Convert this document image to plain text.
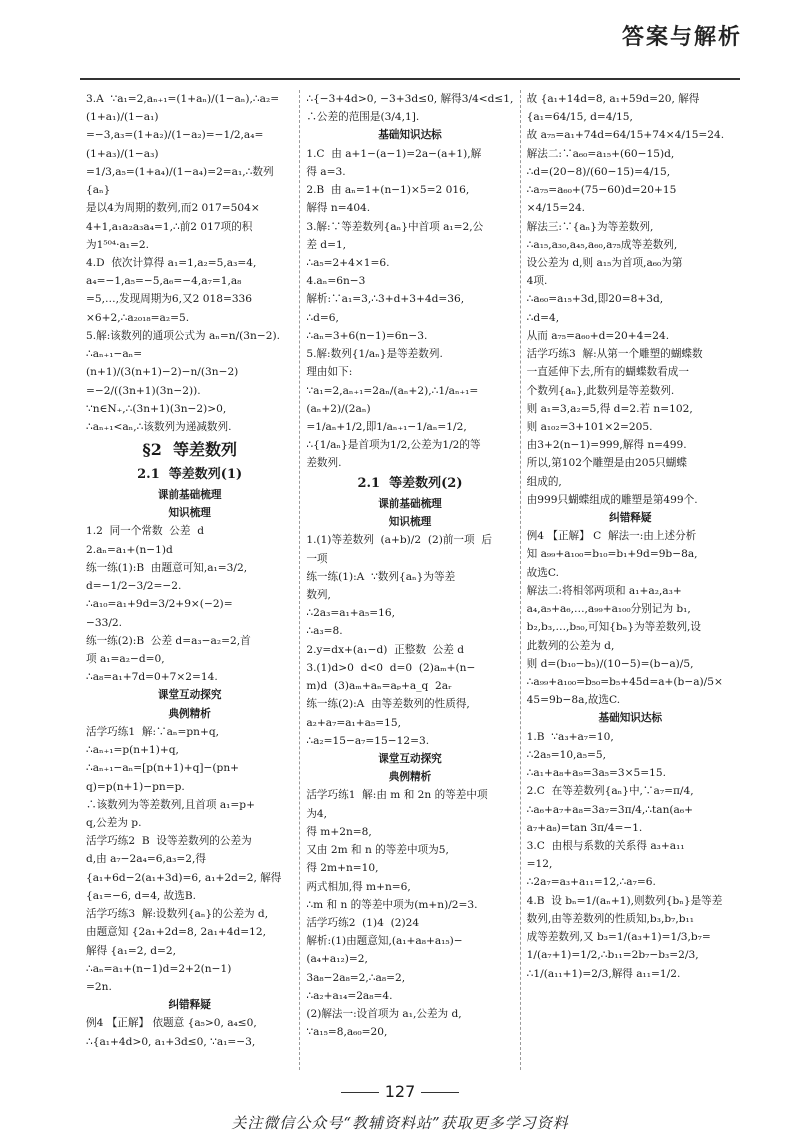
答案与解析

3.A  ∵a₁=2,aₙ₊₁=(1+aₙ)/(1−aₙ),∴a₂=(1+a₁)/(1−a₁)

=−3,a₃=(1+a₂)/(1−a₂)=−1/2,a₄=(1+a₃)/(1−a₃)

=1/3,a₅=(1+a₄)/(1−a₄)=2=a₁,∴数列{aₙ}

是以4为周期的数列,而2 017=504×

4+1,a₁a₂a₃a₄=1,∴前2 017项的积

为1⁵⁰⁴·a₁=2.

4.D  依次计算得 a₁=1,a₂=5,a₃=4,

a₄=−1,a₅=−5,a₆=−4,a₇=1,a₈

=5,…,发现周期为6,又2 018=336

×6+2,∴a₂₀₁₈=a₂=5.

5.解:该数列的通项公式为 aₙ=n/(3n−2).

∴aₙ₊₁−aₙ=(n+1)/(3(n+1)−2)−n/(3n−2)

=−2/((3n+1)(3n−2)).

∵n∈N₊,∴(3n+1)(3n−2)>0,

∴aₙ₊₁<aₙ,∴该数列为递减数列.

§2  等差数列

2.1  等差数列(1)

课前基础梳理

知识梳理

1.2  同一个常数  公差  d

2.aₙ=a₁+(n−1)d

练一练(1):B  由题意可知,a₁=3/2,

d=−1/2−3/2=−2.

∴a₁₀=a₁+9d=3/2+9×(−2)=

−33/2.

练一练(2):B  公差 d=a₃−a₂=2,首

项 a₁=a₂−d=0,

∴a₈=a₁+7d=0+7×2=14.

课堂互动探究

典例精析

活学巧练1  解:∵aₙ=pn+q,

∴aₙ₊₁=p(n+1)+q,

∴aₙ₊₁−aₙ=[p(n+1)+q]−(pn+

q)=p(n+1)−pn=p.

∴该数列为等差数列,且首项 a₁=p+

q,公差为 p.

活学巧练2  B  设等差数列的公差为

d,由 a₇−2a₄=6,a₃=2,得

{a₁+6d−2(a₁+3d)=6, a₁+2d=2, 解得

{a₁=−6, d=4, 故选B.

活学巧练3  解:设数列{aₙ}的公差为 d,

由题意知 {2a₁+2d=8, 2a₁+4d=12,

解得 {a₁=2, d=2,

∴aₙ=a₁+(n−1)d=2+2(n−1)

=2n.

纠错释疑

例4 【正解】 依题意 {a₅>0, a₄≤0,

∴{a₁+4d>0, a₁+3d≤0, ∵a₁=−3,

∴{−3+4d>0, −3+3d≤0, 解得3/4<d≤1,

∴公差的范围是(3/4,1].

基础知识达标

1.C  由 a+1−(a−1)=2a−(a+1),解

得 a=3.

2.B  由 aₙ=1+(n−1)×5=2 016,

解得 n=404.

3.解:∵等差数列{aₙ}中首项 a₁=2,公

差 d=1,

∴a₅=2+4×1=6.

4.aₙ=6n−3

解析:∵a₁=3,∴3+d+3+4d=36,

∴d=6,

∴aₙ=3+6(n−1)=6n−3.

5.解:数列{1/aₙ}是等差数列.

理由如下:

∵a₁=2,aₙ₊₁=2aₙ/(aₙ+2),∴1/aₙ₊₁=(aₙ+2)/(2aₙ)

=1/aₙ+1/2,即1/aₙ₊₁−1/aₙ=1/2,

∴{1/aₙ}是首项为1/2,公差为1/2的等

差数列.

2.1  等差数列(2)

课前基础梳理

知识梳理

1.(1)等差数列  (a+b)/2  (2)前一项  后

一项

练一练(1):A  ∵数列{aₙ}为等差

数列,

∴2a₃=a₁+a₅=16,

∴a₃=8.

2.y=dx+(a₁−d)  正整数  公差 d

3.(1)d>0  d<0  d=0  (2)aₘ+(n−

m)d  (3)aₘ+aₙ=aₚ+a_q  2aᵣ

练一练(2):A  由等差数列的性质得,

a₂+a₇=a₁+a₅=15,

∴a₂=15−a₇=15−12=3.

课堂互动探究

典例精析

活学巧练1  解:由 m 和 2n 的等差中项

为4,

得 m+2n=8,

又由 2m 和 n 的等差中项为5,

得 2m+n=10,

两式相加,得 m+n=6,

∴m 和 n 的等差中项为(m+n)/2=3.

活学巧练2  (1)4  (2)24

解析:(1)由题意知,(a₁+a₈+a₁₅)−

(a₄+a₁₂)=2,

3a₈−2a₈=2,∴a₈=2,

∴a₂+a₁₄=2a₈=4.

(2)解法一:设首项为 a₁,公差为 d,

∵a₁₅=8,a₆₀=20,

故 {a₁+14d=8, a₁+59d=20, 解得 {a₁=64/15, d=4/15,

故 a₇₅=a₁+74d=64/15+74×4/15=24.

解法二:∵a₆₀=a₁₅+(60−15)d,

∴d=(20−8)/(60−15)=4/15,

∴a₇₅=a₆₀+(75−60)d=20+15

×4/15=24.

解法三:∵{aₙ}为等差数列,

∴a₁₅,a₃₀,a₄₅,a₆₀,a₇₅成等差数列,

设公差为 d,则 a₁₅为首项,a₆₀为第

4项.

∴a₆₀=a₁₅+3d,即20=8+3d,

∴d=4,

从而 a₇₅=a₆₀+d=20+4=24.

活学巧练3  解:从第一个雕塑的蝴蝶数

一直延伸下去,所有的蝴蝶数看成一

个数列{aₙ},此数列是等差数列.

则 a₁=3,a₂=5,得 d=2.若 n=102,

则 a₁₀₂=3+101×2=205.

由3+2(n−1)=999,解得 n=499.

所以,第102个雕塑是由205只蝴蝶

组成的,

由999只蝴蝶组成的雕塑是第499个.

纠错释疑

例4 【正解】 C  解法一:由上述分析

知 a₉₉+a₁₀₀=b₁₀=b₁+9d=9b−8a,

故选C.

解法二:将相邻两项和 a₁+a₂,a₃+

a₄,a₅+a₆,…,a₉₉+a₁₀₀分别记为 b₁,

b₂,b₃,…,b₅₀,可知{bₙ}为等差数列,设

此数列的公差为 d,

则 d=(b₁₀−b₅)/(10−5)=(b−a)/5,

∴a₉₉+a₁₀₀=b₅₀=b₅+45d=a+(b−a)/5×

45=9b−8a,故选C.

基础知识达标

1.B  ∵a₃+a₇=10,

∴2a₅=10,a₅=5,

∴a₁+a₈+a₉=3a₅=3×5=15.

2.C  在等差数列{aₙ}中,∵a₇=π/4,

∴a₆+a₇+a₈=3a₇=3π/4,∴tan(a₆+

a₇+a₈)=tan 3π/4=−1.

3.C  由根与系数的关系得 a₃+a₁₁

=12,

∴2a₇=a₃+a₁₁=12,∴a₇=6.

4.B  设 bₙ=1/(aₙ+1),则数列{bₙ}是等差

数列,由等差数列的性质知,b₃,b₇,b₁₁

成等差数列,又 b₃=1/(a₃+1)=1/3,b₇=

1/(a₇+1)=1/2,∴b₁₁=2b₇−b₃=2/3,

∴1/(a₁₁+1)=2/3,解得 a₁₁=1/2.

127
关注微信公众号“教辅资料站”获取更多学习资料
